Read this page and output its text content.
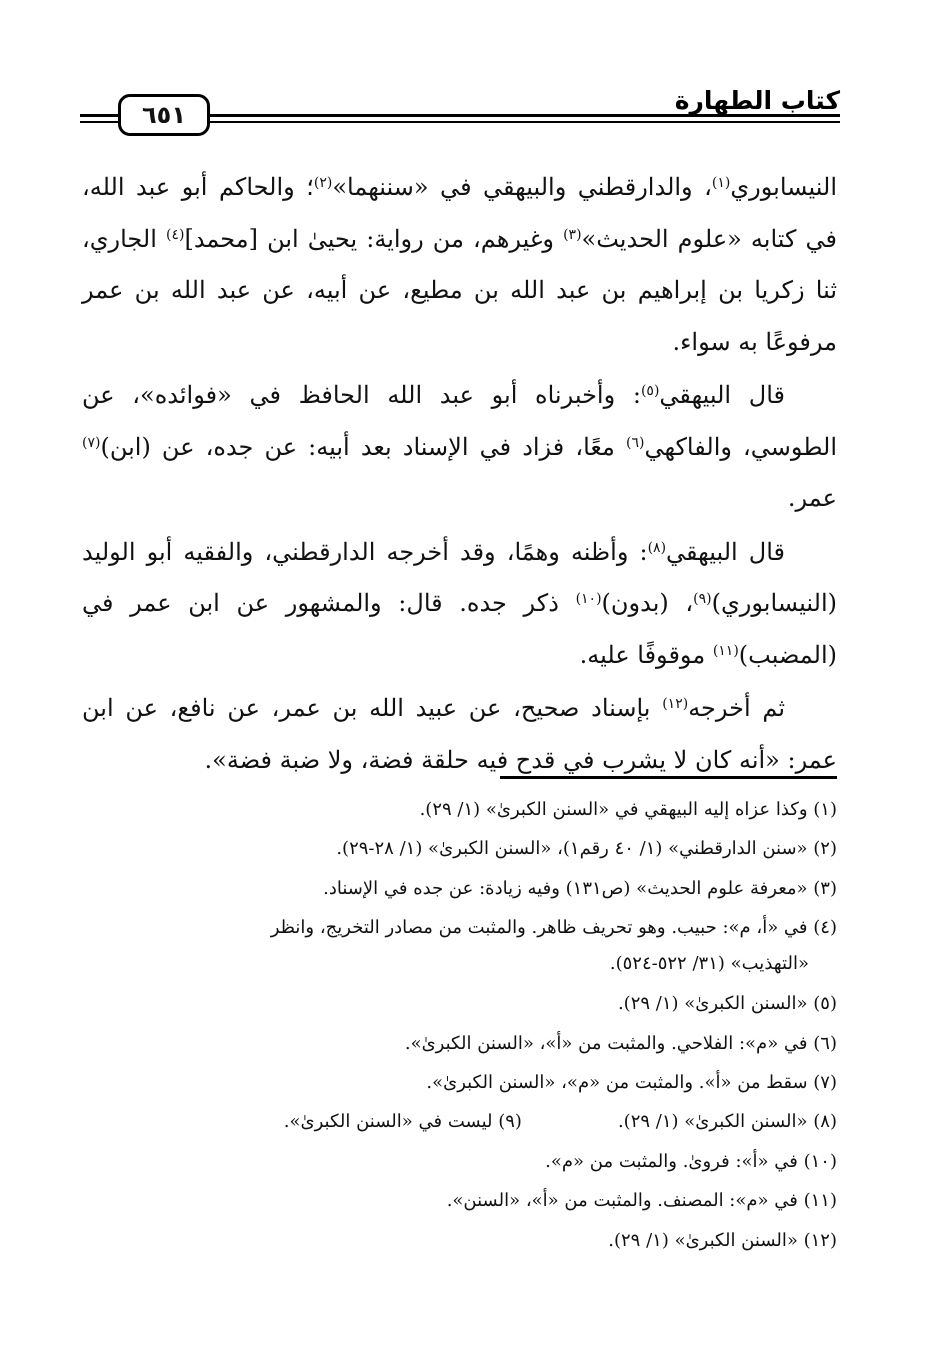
كتاب الطهارة
٦٥١

النيسابوري$^{(١)}$، والدارقطني والبيهقي في «سننهما»$^{(٢)}$؛ والحاكم أبو عبد الله، في كتابه «علوم الحديث»$^{(٣)}$ وغيرهم، من رواية: يحيىٰ ابن [محمد]$^{(٤)}$ الجاري، ثنا زكريا بن إبراهيم بن عبد الله بن مطيع، عن أبيه، عن عبد الله بن عمر مرفوعًا به سواء.

قال البيهقي$^{(٥)}$: وأخبرناه أبو عبد الله الحافظ في «فوائده»، عن الطوسي، والفاكهي$^{(٦)}$ معًا، فزاد في الإسناد بعد أبيه: عن جده، عن (ابن)$^{(٧)}$ عمر.

قال البيهقي$^{(٨)}$: وأظنه وهمًا، وقد أخرجه الدارقطني، والفقيه أبو الوليد (النيسابوري)$^{(٩)}$، (بدون)$^{(١٠)}$ ذكر جده. قال: والمشهور عن ابن عمر في (المضبب)$^{(١١)}$ موقوفًا عليه.

ثم أخرجه$^{(١٢)}$ بإسناد صحيح، عن عبيد الله بن عمر، عن نافع، عن ابن عمر: «أنه كان لا يشرب في قدح فيه حلقة فضة، ولا ضبة فضة».

(١) وكذا عزاه إليه البيهقي في «السنن الكبرىٰ» (١/ ٢٩).

(٢) «سنن الدارقطني» (١/ ٤٠ رقم١)، «السنن الكبرىٰ» (١/ ٢٨-٢٩).

(٣) «معرفة علوم الحديث» (ص١٣١) وفيه زيادة: عن جده في الإسناد.

(٤) في «أ، م»: حبيب. وهو تحريف ظاهر. والمثبت من مصادر التخريج، وانظر
«التهذيب» (٣١/ ٥٢٢-٥٢٤).

(٥) «السنن الكبرىٰ» (١/ ٢٩).

(٦) في «م»: الفلاحي. والمثبت من «أ»، «السنن الكبرىٰ».

(٧) سقط من «أ». والمثبت من «م»، «السنن الكبرىٰ».

(٨) «السنن الكبرىٰ» (١/ ٢٩).
(٩) ليست في «السنن الكبرىٰ».

(١٠) في «أ»: فروىٰ. والمثبت من «م».

(١١) في «م»: المصنف. والمثبت من «أ»، «السنن».

(١٢) «السنن الكبرىٰ» (١/ ٢٩).
